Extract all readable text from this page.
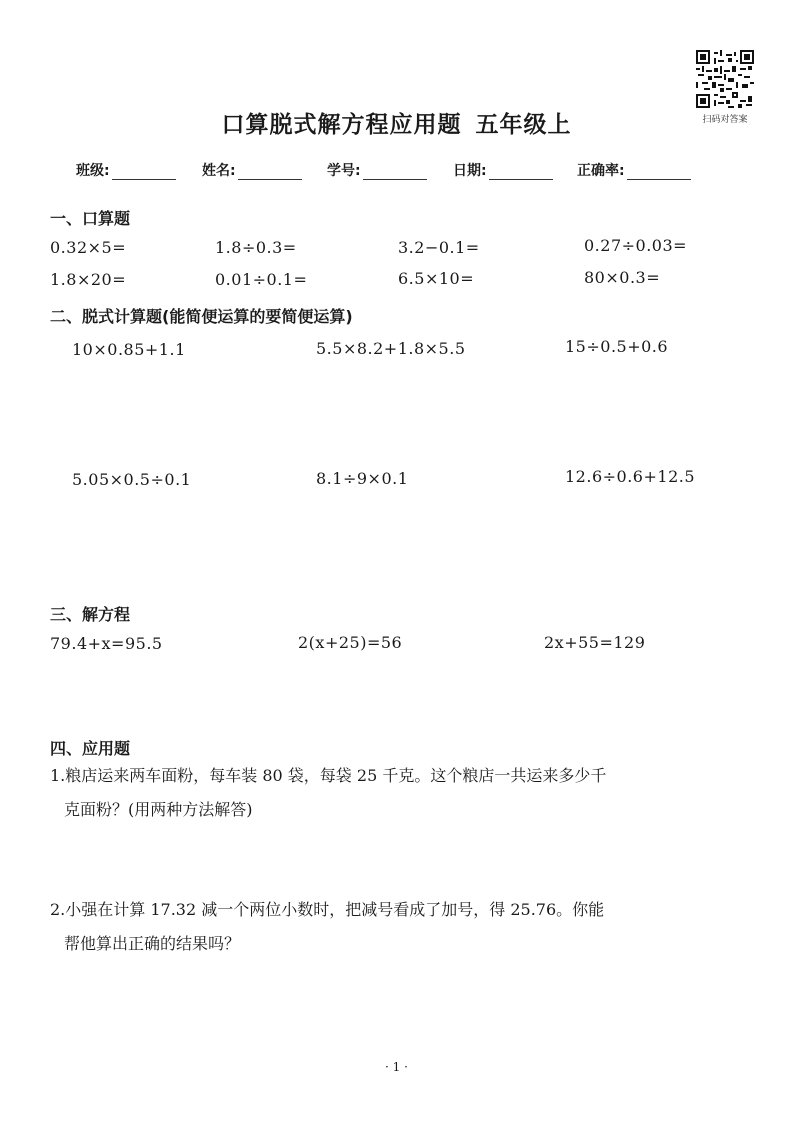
口算脱式解方程应用题 五年级上	扫码对答案
班级:	姓名:	学号:	日期:	正确率:
一、口算题
0.32×5=	1.8÷0.3=	3.2−0.1=	0.27÷0.03=
1.8×20=	0.01÷0.1=	6.5×10=	80×0.3=
二、脱式计算题(能简便运算的要简便运算)
10×0.85+1.1	5.5×8.2+1.8×5.5	15÷0.5+0.6
5.05×0.5÷0.1	8.1÷9×0.1	12.6÷0.6+12.5
三、解方程
79.4+x=95.5	2(x+25)=56	2x+55=129
四、应用题
1.粮店运来两车面粉，每车装 80 袋，每袋 25 千克。这个粮店一共运来多少千
克面粉？(用两种方法解答)
2.小强在计算 17.32 减一个两位小数时，把减号看成了加号，得 25.76。你能
帮他算出正确的结果吗？
· 1 ·
